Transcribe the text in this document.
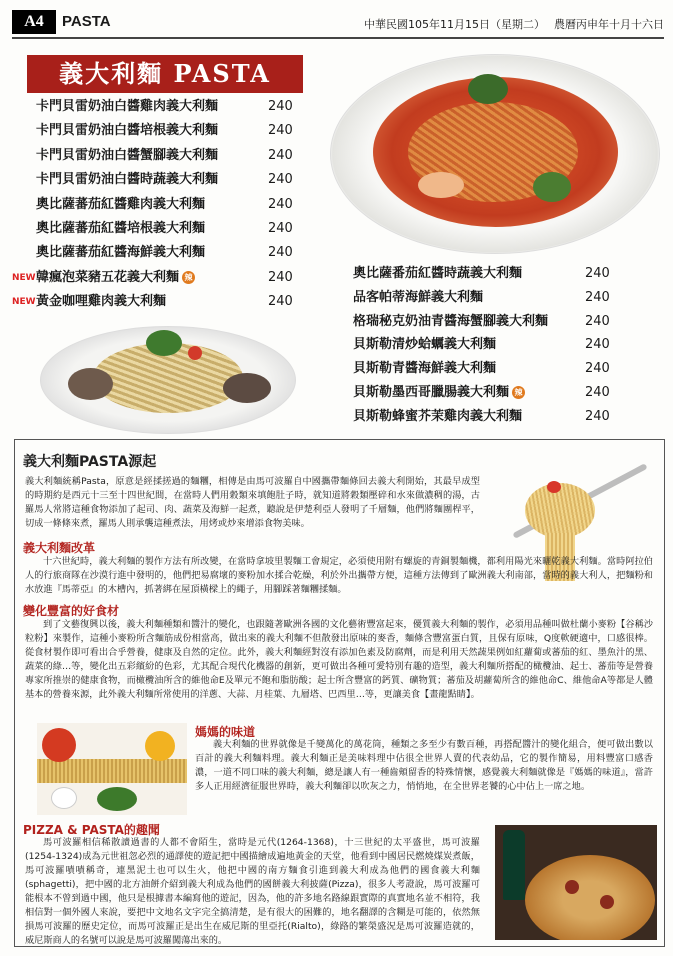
A4	PASTA	中華民國105年11月15日（星期二） 農曆丙申年十月十六日
義大利麵 PASTA
卡門貝雷奶油白醬雞肉義大利麵	240
卡門貝雷奶油白醬培根義大利麵	240
卡門貝雷奶油白醬蟹腳義大利麵	240
卡門貝雷奶油白醬時蔬義大利麵	240
奧比薩蕃茄紅醬雞肉義大利麵	240
奧比薩蕃茄紅醬培根義大利麵	240
奧比薩蕃茄紅醬海鮮義大利麵	240
NEW 韓瘋泡菜豬五花義大利麵 辣	240
NEW 黃金咖哩雞肉義大利麵	240
奧比薩番茄紅醬時蔬義大利麵	240
品客帕蒂海鮮義大利麵	240
格瑞秘克奶油青醬海蟹腳義大利麵	240
貝斯勒清炒蛤蠣義大利麵	240
貝斯勒青醬海鮮義大利麵	240
貝斯勒墨西哥臘腸義大利麵 辣	240
貝斯勒蜂蜜芥茉雞肉義大利麵	240
義大利麵PASTA源起
義大利麵統稱Pasta，原意是經揉搓過的麵糰，相傳是由馬可波羅自中國攜帶麵條回去義大利開始，其最早成型的時期約是西元十三至十四世紀間，在當時人們用穀類來填飽肚子時，就知道將穀類壓碎和水來做濃稠的湯，古羅馬人常將這種食物添加了起司、肉、蔬菜及海鮮一起煮，聽說是伊楚利亞人發明了千層麵，他們將麵團桿平，切成一條條來煮，羅馬人則承襲這種煮法，用烤或炒來增添食物美味。
義大利麵改革
十六世紀時，義大利麵的製作方法有所改變，在當時拿坡里製麵工會規定，必須使用附有螺旋的青銅製麵機，都利用陽光來曬乾義大利麵。當時阿拉伯人的行旅商隊在沙漠行進中發明的，他們把易腐壞的麥粉加水揉合乾燥，利於外出攜帶方便，這種方法傳到了歐洲義大利南部，當時的義大利人，把麵粉和水放進『馬蒂亞』的木槽內，抓著綁在屋頂橫樑上的繩子，用腳踩著麵糰揉麵。
變化豐富的好食材
到了文藝復興以後，義大利麵種類和醬汁的變化，也跟隨著歐洲各國的文化藝術豐富起來，優質義大利麵的製作，必須用品種叫做杜蘭小麥粉【谷稱沙粒粉】來製作，這種小麥粉所含麵筋成份相當高，做出來的義大利麵不但散發出原味的麥香，麵條含豐富蛋白質，且保有原味，Q度軟硬適中，口感很棒。從食材製作即可看出合乎營養，健康及自然的定位。此外，義大利麵經對沒有添加色素及防腐劑，而是利用天然蔬果例如紅蘿蔔或蕃茄的紅、墨魚汁的黑、蔬菜的綠…等，變化出五彩繽紛的色彩，尤其配合現代化機器的創新，更可做出各種可愛特別有趣的造型，義大利麵所搭配的橄欖油、起士、蕃茄等是營養專家所推崇的健康食物，而橄欖油所含的維他命E及單元不飽和脂肪酸；起士所含豐富的鈣質、礦物質；蕃茄及胡蘿蔔所含的維他命C、維他命A等都是人體基本的營養來源，此外義大利麵所常使用的洋蔥、大蒜、月桂葉、九層塔、巴西里…等，更讓美食【畫龍點睛】。
媽媽的味道
義大利麵的世界就像是千變萬化的萬花筒，種類之多至少有數百種，再搭配醬汁的變化組合，便可做出數以百計的義大利麵料理。義大利麵正是美味料理中佔很全世界人賣的代表幼品，它的製作簡易，用料豐富口感香濃，一道不同口味的義大利麵，總是讓人有一種齒頰留香的特殊情懷，感覺義大利麵就像是『媽媽的味道』，當許多人正用經濟征服世界時，義大利麵卻以吹灰之力，悄悄地，在全世界老饕的心中佔上一席之地。
PIZZA & PASTA的趣聞
馬可波羅相信稀散讀過書的人都不會陌生，當時是元代(1264-1368)，十三世紀的太平盛世，馬可波羅(1254-1324)成為元世祖忽必烈的通譯使的遊記把中國描繪成遍地黃金的天堂，他看到中國居民燃燒煤炭煮飯，馬可波羅嘖嘖稱奇，連黑泥土也可以生火，他把中國的南方麵食引進到義大利成為他們的國食義大利麵(sphagetti)，把中國的北方油餅介紹到義大利成為他們的國餅義大利披薩(Pizza)，很多人考證說，馬可波羅可能根本不曾到過中國，他只是根據書本編寫他的遊記，因為，他的許多地名路線跟實際的真實地名並不相符，我相信對一個外國人來說，要把中文地名文字完全搞清楚，是有很大的困難的，地名翻譯的含糊是可能的，依然無損馬可波羅的歷史定位，而馬可波羅正是出生在威尼斯的里亞托(Rialto)，綠路的繁榮盛況是馬可波羅造就的，威尼斯商人的名號可以說是馬可波羅闖蕩出來的。
